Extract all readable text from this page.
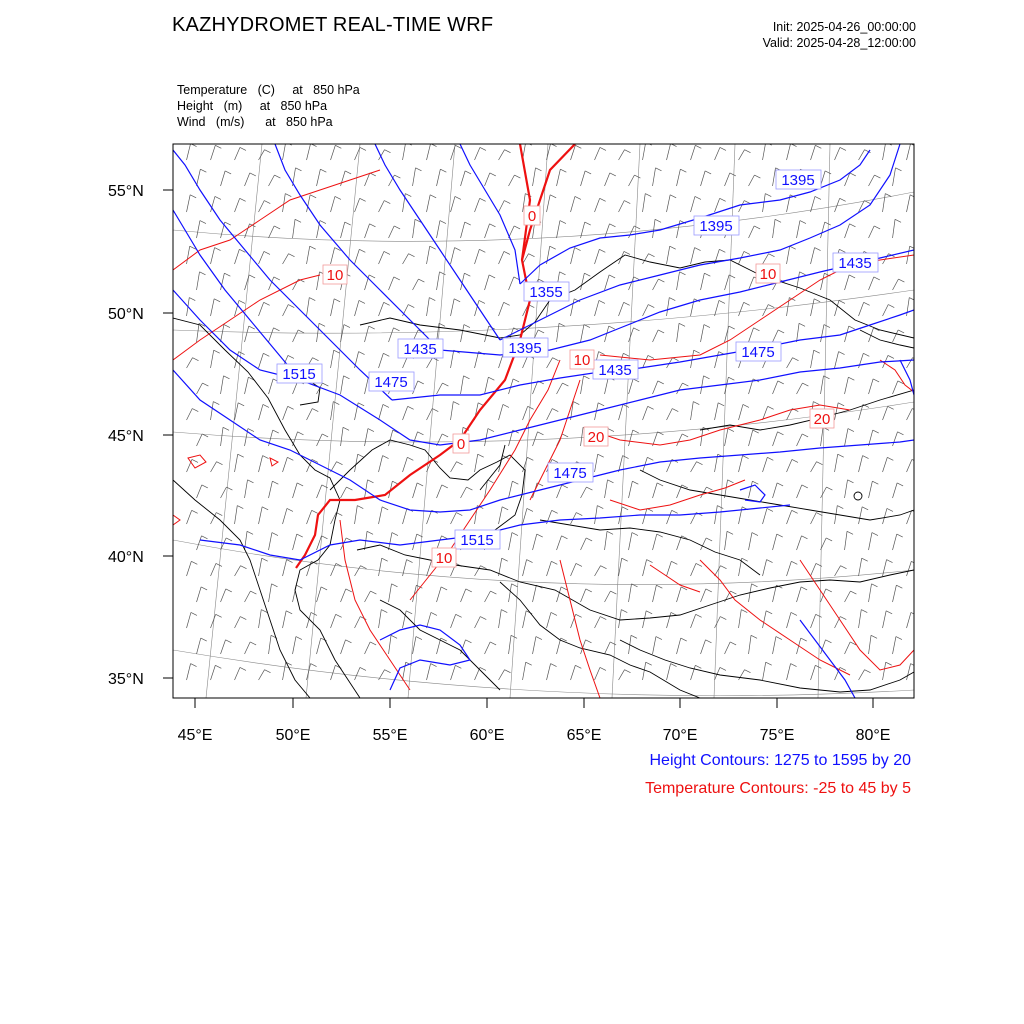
KAZHYDROMET REAL-TIME WRF	Init: 2025-04-26_00:00:00
Valid: 2025-04-28_12:00:00
Temperature (C) at   850 hPa
Height (m) at   850 hPa
Wind (m/s) at   850 hPa
1395
1395
1435
1355
1395
1435
1515	1475
1435
1475
1475
1515
0
10	10
10
20
20
0
10
55°N
50°N
45°N
40°N
35°N
45°E	50°E	55°E	60°E	65°E	70°E	75°E	80°E
Height Contours: 1275 to 1595 by 20
Temperature Contours: -25 to 45 by 5
